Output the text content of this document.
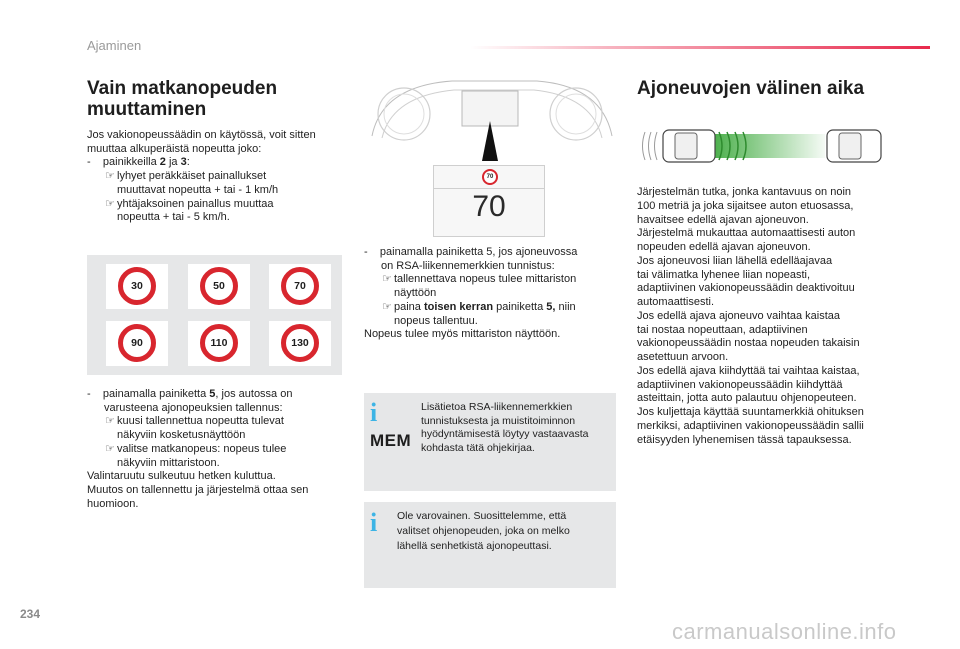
Ajaminen
Vain matkanopeuden
muuttaminen

Jos vakionopeussäädin on käytössä, voit sitten

muuttaa alkuperäistä nopeutta joko:

-    painikkeilla 2 ja 3:

☞ lyhyet peräkkäiset painallukset

muuttavat nopeutta + tai - 1 km/h

☞ yhtäjaksoinen painallus muuttaa

nopeutta + tai - 5 km/h.

30	50	70
90	110	130

-    painamalla painiketta 5, jos autossa on

varusteena ajonopeuksien tallennus:

☞ kuusi tallennettua nopeutta tulevat

näkyviin kosketusnäyttöön

☞ valitse matkanopeus: nopeus tulee

näkyviin mittaristoon.

Valintaruutu sulkeutuu hetken kuluttua.

Muutos on tallennettu ja järjestelmä ottaa sen

huomioon.

70
70

-    painamalla painiketta 5, jos ajoneuvossa

on RSA-liikennemerkkien tunnistus:

☞ tallennettava nopeus tulee mittariston

näyttöön

☞ paina toisen kerran painiketta 5, niin

nopeus tallentuu.

Nopeus tulee myös mittariston näyttöön.

i
MEM

Lisätietoa RSA-liikennemerkkien

tunnistuksesta ja muistitoiminnon

hyödyntämisestä löytyy vastaavasta

kohdasta tätä ohjekirjaa.

i Ole varovainen. Suosittelemme, että

valitset ohjenopeuden, joka on melko

lähellä senhetkistä ajonopeuttasi.

Ajoneuvojen välinen aika

Järjestelmän tutka, jonka kantavuus on noin

100 metriä ja joka sijaitsee auton etuosassa,

havaitsee edellä ajavan ajoneuvon.

Järjestelmä mukauttaa automaattisesti auton

nopeuden edellä ajavan ajoneuvon.

Jos ajoneuvosi liian lähellä edelläajavaa

tai välimatka lyhenee liian nopeasti,

adaptiivinen vakionopeussäädin deaktivoituu

automaattisesti.

Jos edellä ajava ajoneuvo vaihtaa kaistaa

tai nostaa nopeuttaan, adaptiivinen

vakionopeussäädin nostaa nopeuden takaisin

asetettuun arvoon.

Jos edellä ajava kiihdyttää tai vaihtaa kaistaa,

adaptiivinen vakionopeussäädin kiihdyttää

asteittain, jotta auto palautuu ohjenopeuteen.

Jos kuljettaja käyttää suuntamerkkiä ohituksen

merkiksi, adaptiivinen vakionopeussäädin sallii

etäisyyden lyhenemisen tässä tapauksessa.

234
carmanualsonline.info
